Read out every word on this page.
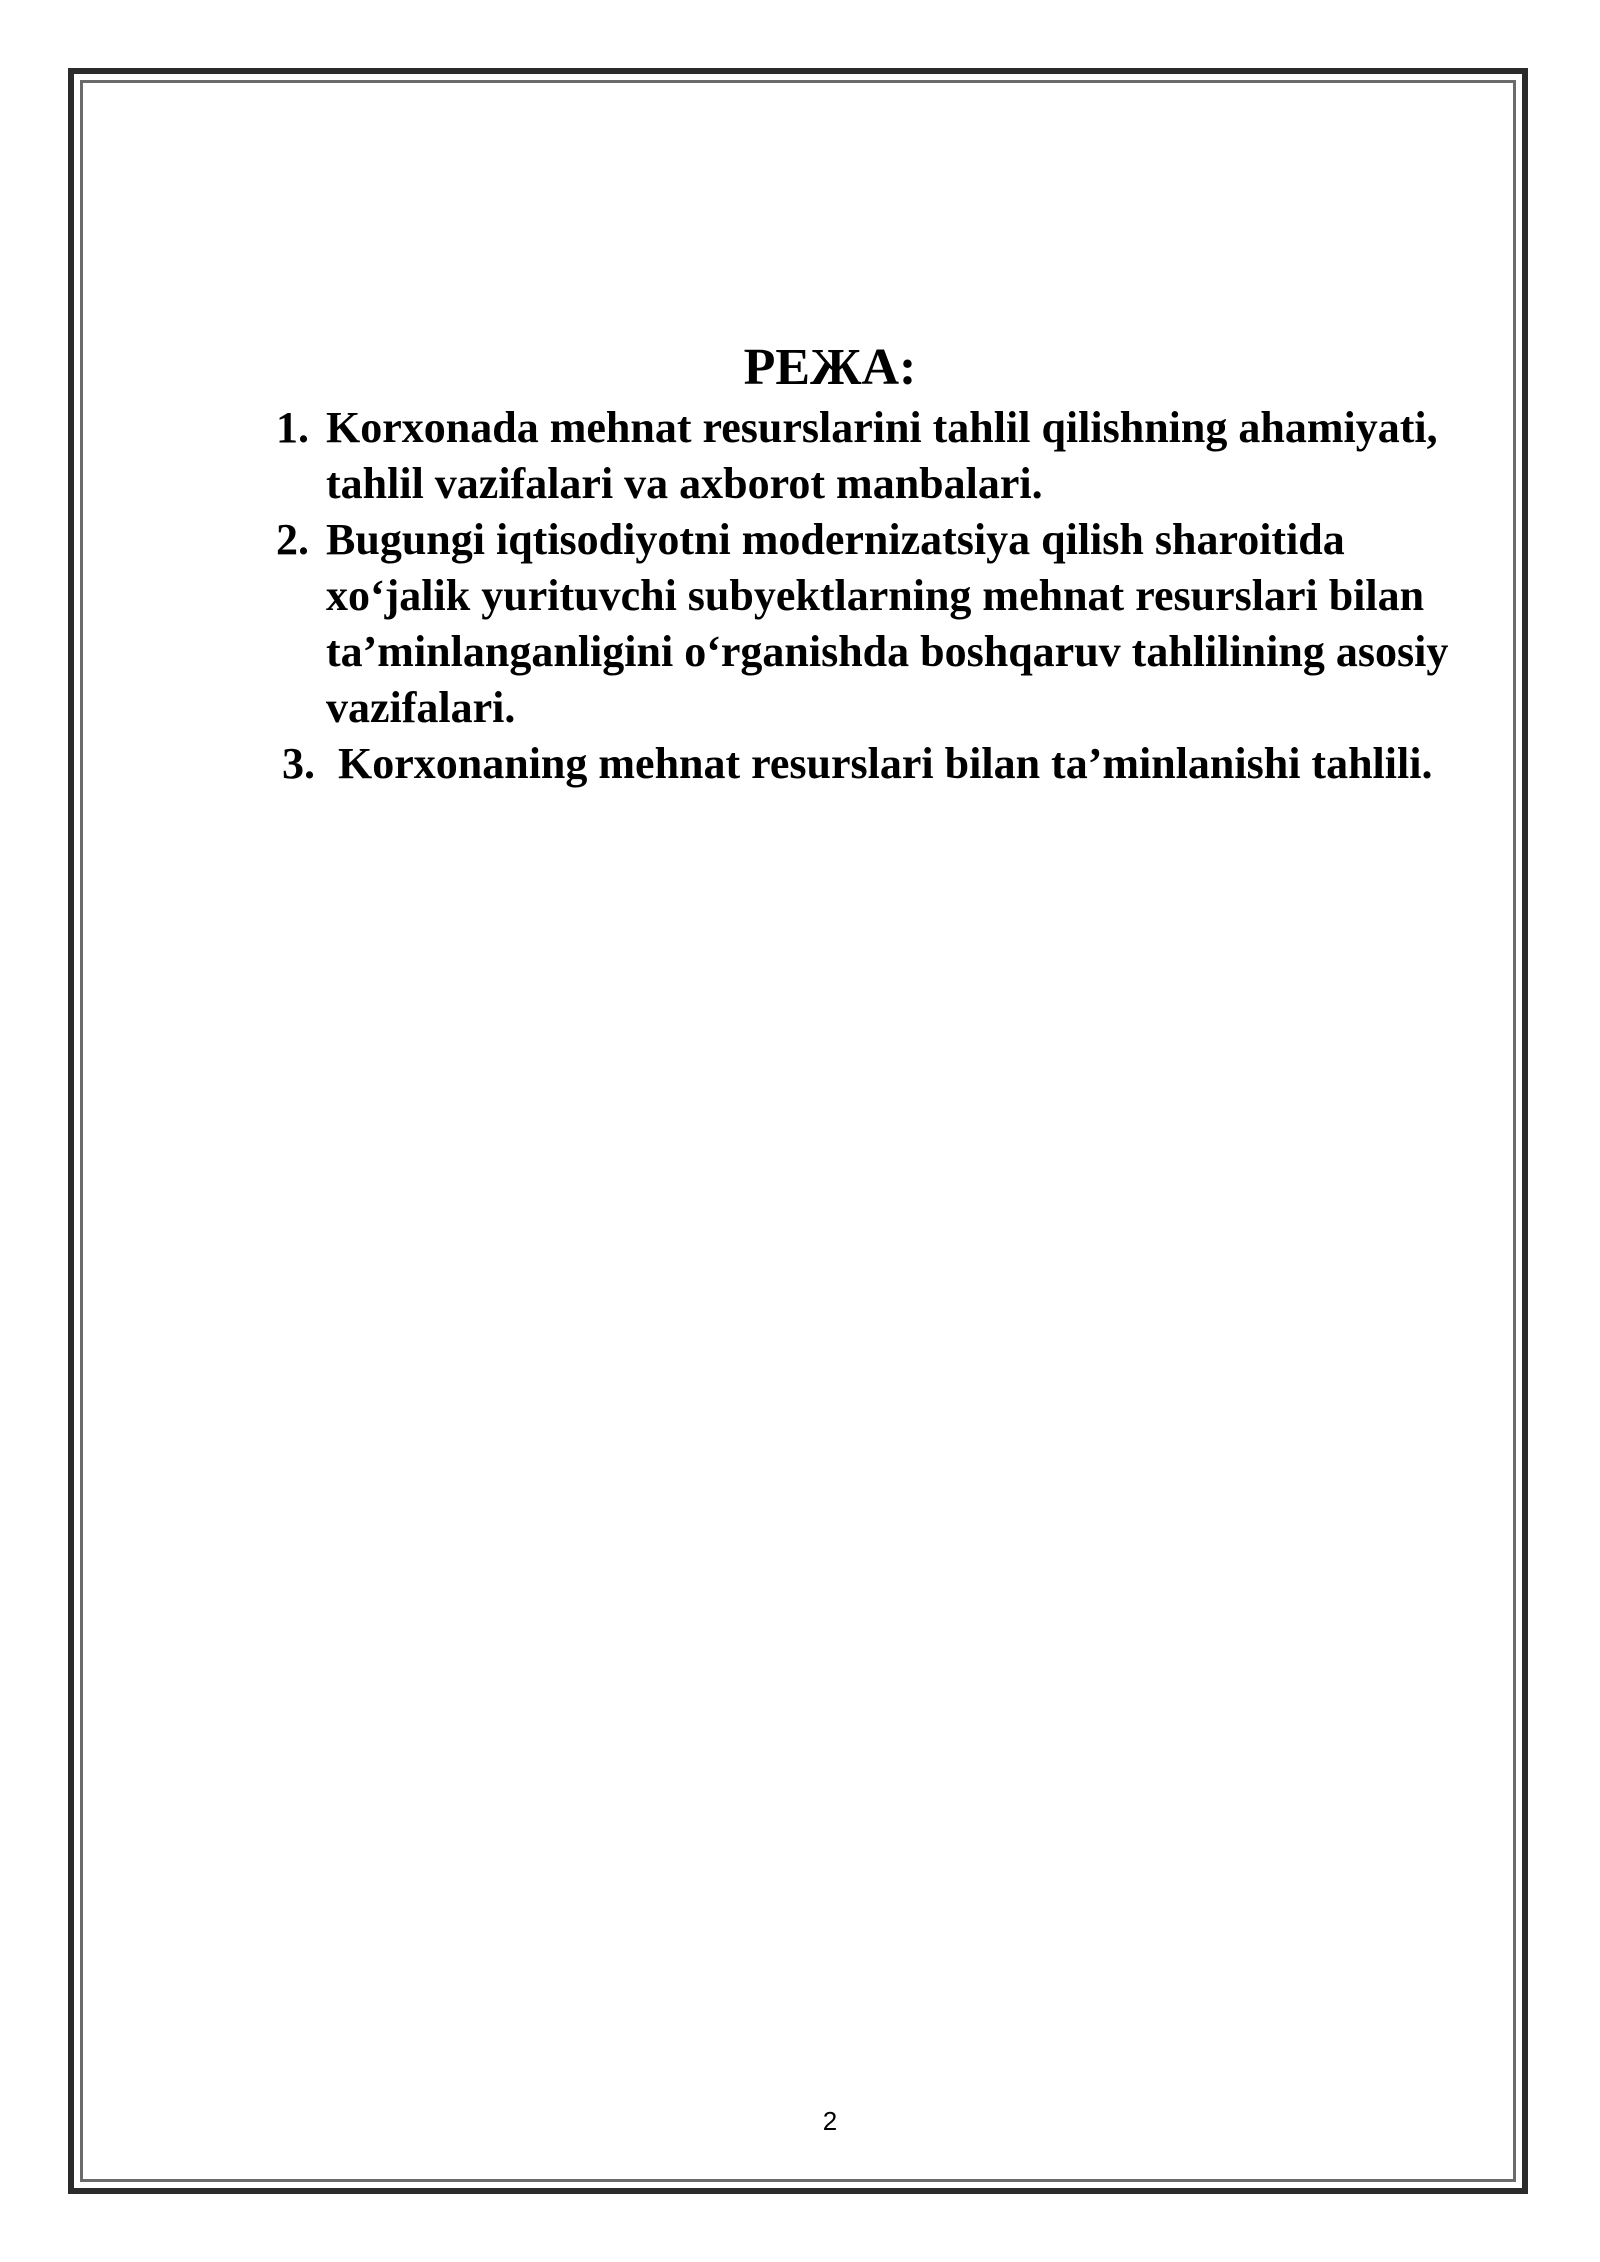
РЕЖА:
1. Korxonada mehnat resurslarini tahlil qilishning ahamiyati, tahlil vazifalari va axborot manbalari.
2. Bugungi iqtisodiyotni modernizatsiya qilish sharoitida xo‘jalik yurituvchi subyektlarning mehnat resurslari bilan ta’minlanganligini o‘rganishda boshqaruv tahlilining asosiy vazifalari.
3. Korxonaning mehnat resurslari bilan ta’minlanishi tahlili.
2
